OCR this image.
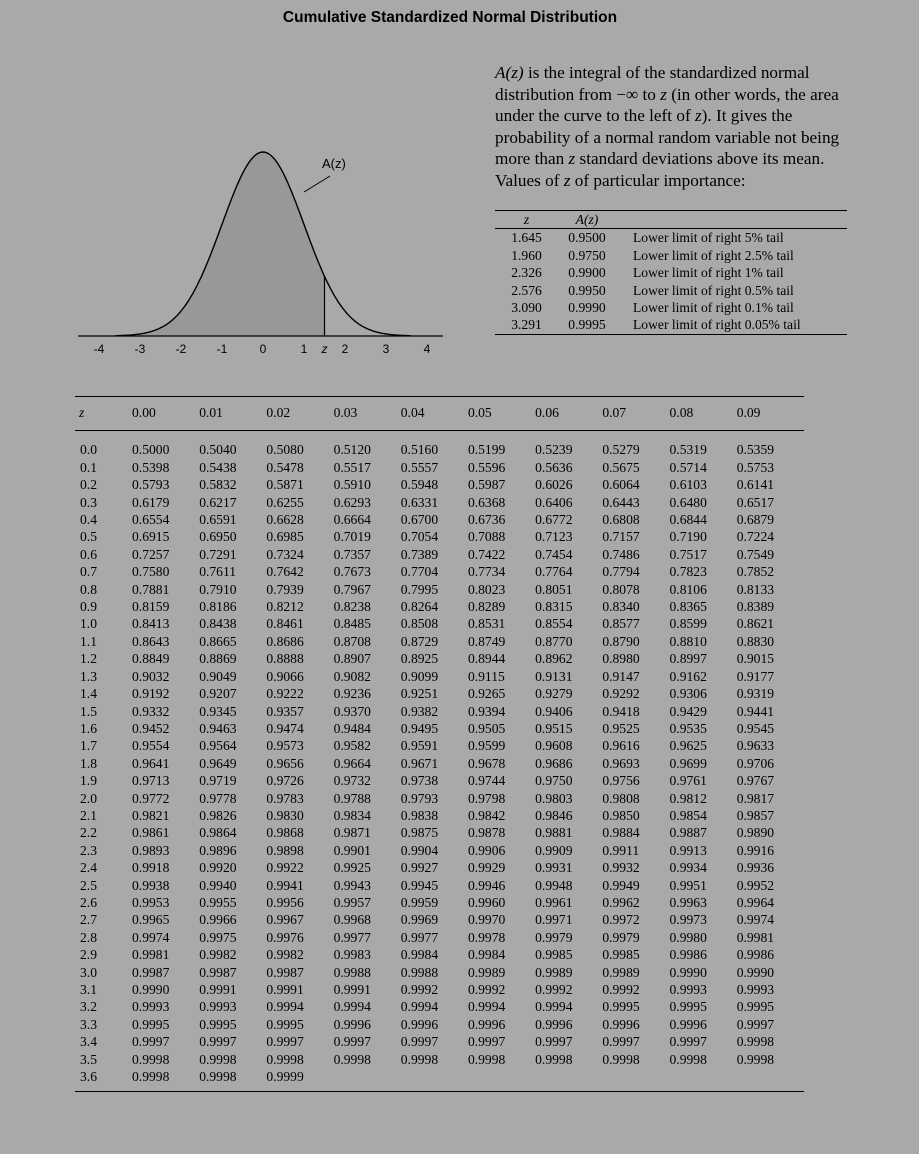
Cumulative Standardized Normal Distribution
-4	-3	-2	-1	0	1 z 2	3	4
A(z)
A(z) is the integral of the standardized normal distribution from −∞ to z (in other words, the area under the curve to the left of z). It gives the probability of a normal random variable not being more than z standard deviations above its mean. Values of z of particular importance:
z	A(z)	
1.645	0.9500	Lower limit of right 5% tail
1.960	0.9750	Lower limit of right 2.5% tail
2.326	0.9900	Lower limit of right 1% tail
2.576	0.9950	Lower limit of right 0.5% tail
3.090	0.9990	Lower limit of right 0.1% tail
3.291	0.9995	Lower limit of right 0.05% tail
z	0.00	0.01	0.02	0.03	0.04	0.05	0.06	0.07	0.08	0.09
0.0	0.5000	0.5040	0.5080	0.5120	0.5160	0.5199	0.5239	0.5279	0.5319	0.5359
0.1	0.5398	0.5438	0.5478	0.5517	0.5557	0.5596	0.5636	0.5675	0.5714	0.5753
0.2	0.5793	0.5832	0.5871	0.5910	0.5948	0.5987	0.6026	0.6064	0.6103	0.6141
0.3	0.6179	0.6217	0.6255	0.6293	0.6331	0.6368	0.6406	0.6443	0.6480	0.6517
0.4	0.6554	0.6591	0.6628	0.6664	0.6700	0.6736	0.6772	0.6808	0.6844	0.6879
0.5	0.6915	0.6950	0.6985	0.7019	0.7054	0.7088	0.7123	0.7157	0.7190	0.7224
0.6	0.7257	0.7291	0.7324	0.7357	0.7389	0.7422	0.7454	0.7486	0.7517	0.7549
0.7	0.7580	0.7611	0.7642	0.7673	0.7704	0.7734	0.7764	0.7794	0.7823	0.7852
0.8	0.7881	0.7910	0.7939	0.7967	0.7995	0.8023	0.8051	0.8078	0.8106	0.8133
0.9	0.8159	0.8186	0.8212	0.8238	0.8264	0.8289	0.8315	0.8340	0.8365	0.8389
1.0	0.8413	0.8438	0.8461	0.8485	0.8508	0.8531	0.8554	0.8577	0.8599	0.8621
1.1	0.8643	0.8665	0.8686	0.8708	0.8729	0.8749	0.8770	0.8790	0.8810	0.8830
1.2	0.8849	0.8869	0.8888	0.8907	0.8925	0.8944	0.8962	0.8980	0.8997	0.9015
1.3	0.9032	0.9049	0.9066	0.9082	0.9099	0.9115	0.9131	0.9147	0.9162	0.9177
1.4	0.9192	0.9207	0.9222	0.9236	0.9251	0.9265	0.9279	0.9292	0.9306	0.9319
1.5	0.9332	0.9345	0.9357	0.9370	0.9382	0.9394	0.9406	0.9418	0.9429	0.9441
1.6	0.9452	0.9463	0.9474	0.9484	0.9495	0.9505	0.9515	0.9525	0.9535	0.9545
1.7	0.9554	0.9564	0.9573	0.9582	0.9591	0.9599	0.9608	0.9616	0.9625	0.9633
1.8	0.9641	0.9649	0.9656	0.9664	0.9671	0.9678	0.9686	0.9693	0.9699	0.9706
1.9	0.9713	0.9719	0.9726	0.9732	0.9738	0.9744	0.9750	0.9756	0.9761	0.9767
2.0	0.9772	0.9778	0.9783	0.9788	0.9793	0.9798	0.9803	0.9808	0.9812	0.9817
2.1	0.9821	0.9826	0.9830	0.9834	0.9838	0.9842	0.9846	0.9850	0.9854	0.9857
2.2	0.9861	0.9864	0.9868	0.9871	0.9875	0.9878	0.9881	0.9884	0.9887	0.9890
2.3	0.9893	0.9896	0.9898	0.9901	0.9904	0.9906	0.9909	0.9911	0.9913	0.9916
2.4	0.9918	0.9920	0.9922	0.9925	0.9927	0.9929	0.9931	0.9932	0.9934	0.9936
2.5	0.9938	0.9940	0.9941	0.9943	0.9945	0.9946	0.9948	0.9949	0.9951	0.9952
2.6	0.9953	0.9955	0.9956	0.9957	0.9959	0.9960	0.9961	0.9962	0.9963	0.9964
2.7	0.9965	0.9966	0.9967	0.9968	0.9969	0.9970	0.9971	0.9972	0.9973	0.9974
2.8	0.9974	0.9975	0.9976	0.9977	0.9977	0.9978	0.9979	0.9979	0.9980	0.9981
2.9	0.9981	0.9982	0.9982	0.9983	0.9984	0.9984	0.9985	0.9985	0.9986	0.9986
3.0	0.9987	0.9987	0.9987	0.9988	0.9988	0.9989	0.9989	0.9989	0.9990	0.9990
3.1	0.9990	0.9991	0.9991	0.9991	0.9992	0.9992	0.9992	0.9992	0.9993	0.9993
3.2	0.9993	0.9993	0.9994	0.9994	0.9994	0.9994	0.9994	0.9995	0.9995	0.9995
3.3	0.9995	0.9995	0.9995	0.9996	0.9996	0.9996	0.9996	0.9996	0.9996	0.9997
3.4	0.9997	0.9997	0.9997	0.9997	0.9997	0.9997	0.9997	0.9997	0.9997	0.9998
3.5	0.9998	0.9998	0.9998	0.9998	0.9998	0.9998	0.9998	0.9998	0.9998	0.9998
3.6	0.9998	0.9998	0.9999							
